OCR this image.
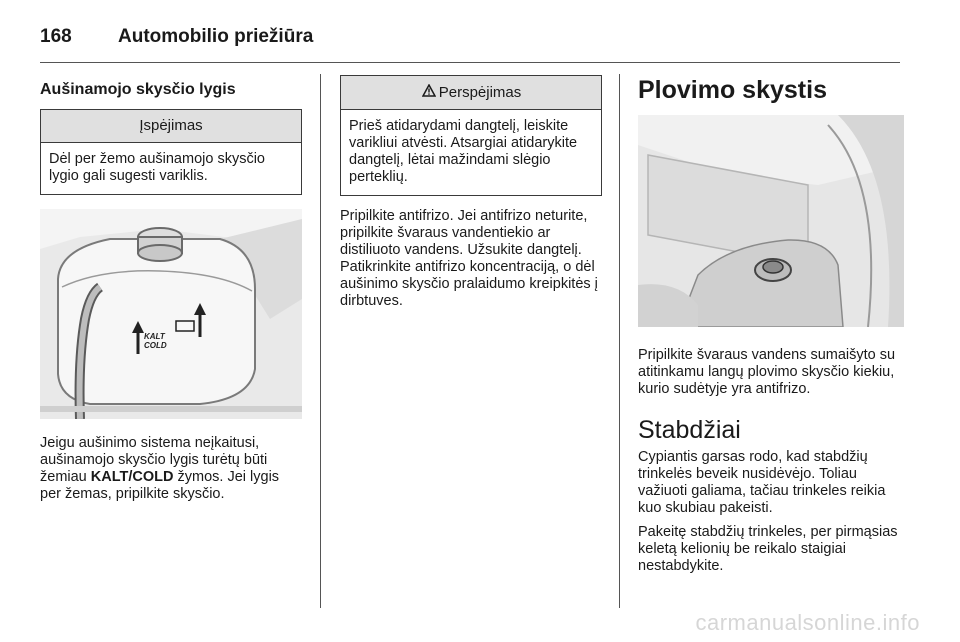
168	Automobilio priežiūra
Aušinamojo skysčio lygis
Įspėjimas
Dėl per žemo aušinamojo skysčio lygio gali sugesti variklis.
KALT
COLD

Jeigu aušinimo sistema neįkaitusi, aušinamojo skysčio lygis turėtų būti žemiau KALT/COLD žymos. Jei lygis per žemas, pripilkite skysčio.

Perspėjimas
Prieš atidarydami dangtelį, leiskite varikliui atvėsti. Atsargiai atidarykite dangtelį, lėtai mažindami slėgio perteklių.

Pripilkite antifrizo. Jei antifrizo neturite, pripilkite švaraus vandentiekio ar distiliuoto vandens. Užsukite dangtelį. Patikrinkite antifrizo koncentraciją, o dėl aušinimo skysčio pralaidumo kreipkitės į dirbtuves.

Plovimo skystis

Pripilkite švaraus vandens sumaišyto su atitinkamu langų plovimo skysčio kiekiu, kurio sudėtyje yra antifrizo.

Stabdžiai

Cypiantis garsas rodo, kad stabdžių trinkelės beveik nusidėvėjo. Toliau važiuoti galiama, tačiau trinkeles reikia kuo skubiau pakeisti.

Pakeitę stabdžių trinkeles, per pirmąsias keletą kelionių be reikalo staigiai nestabdykite.

carmanualsonline.info
